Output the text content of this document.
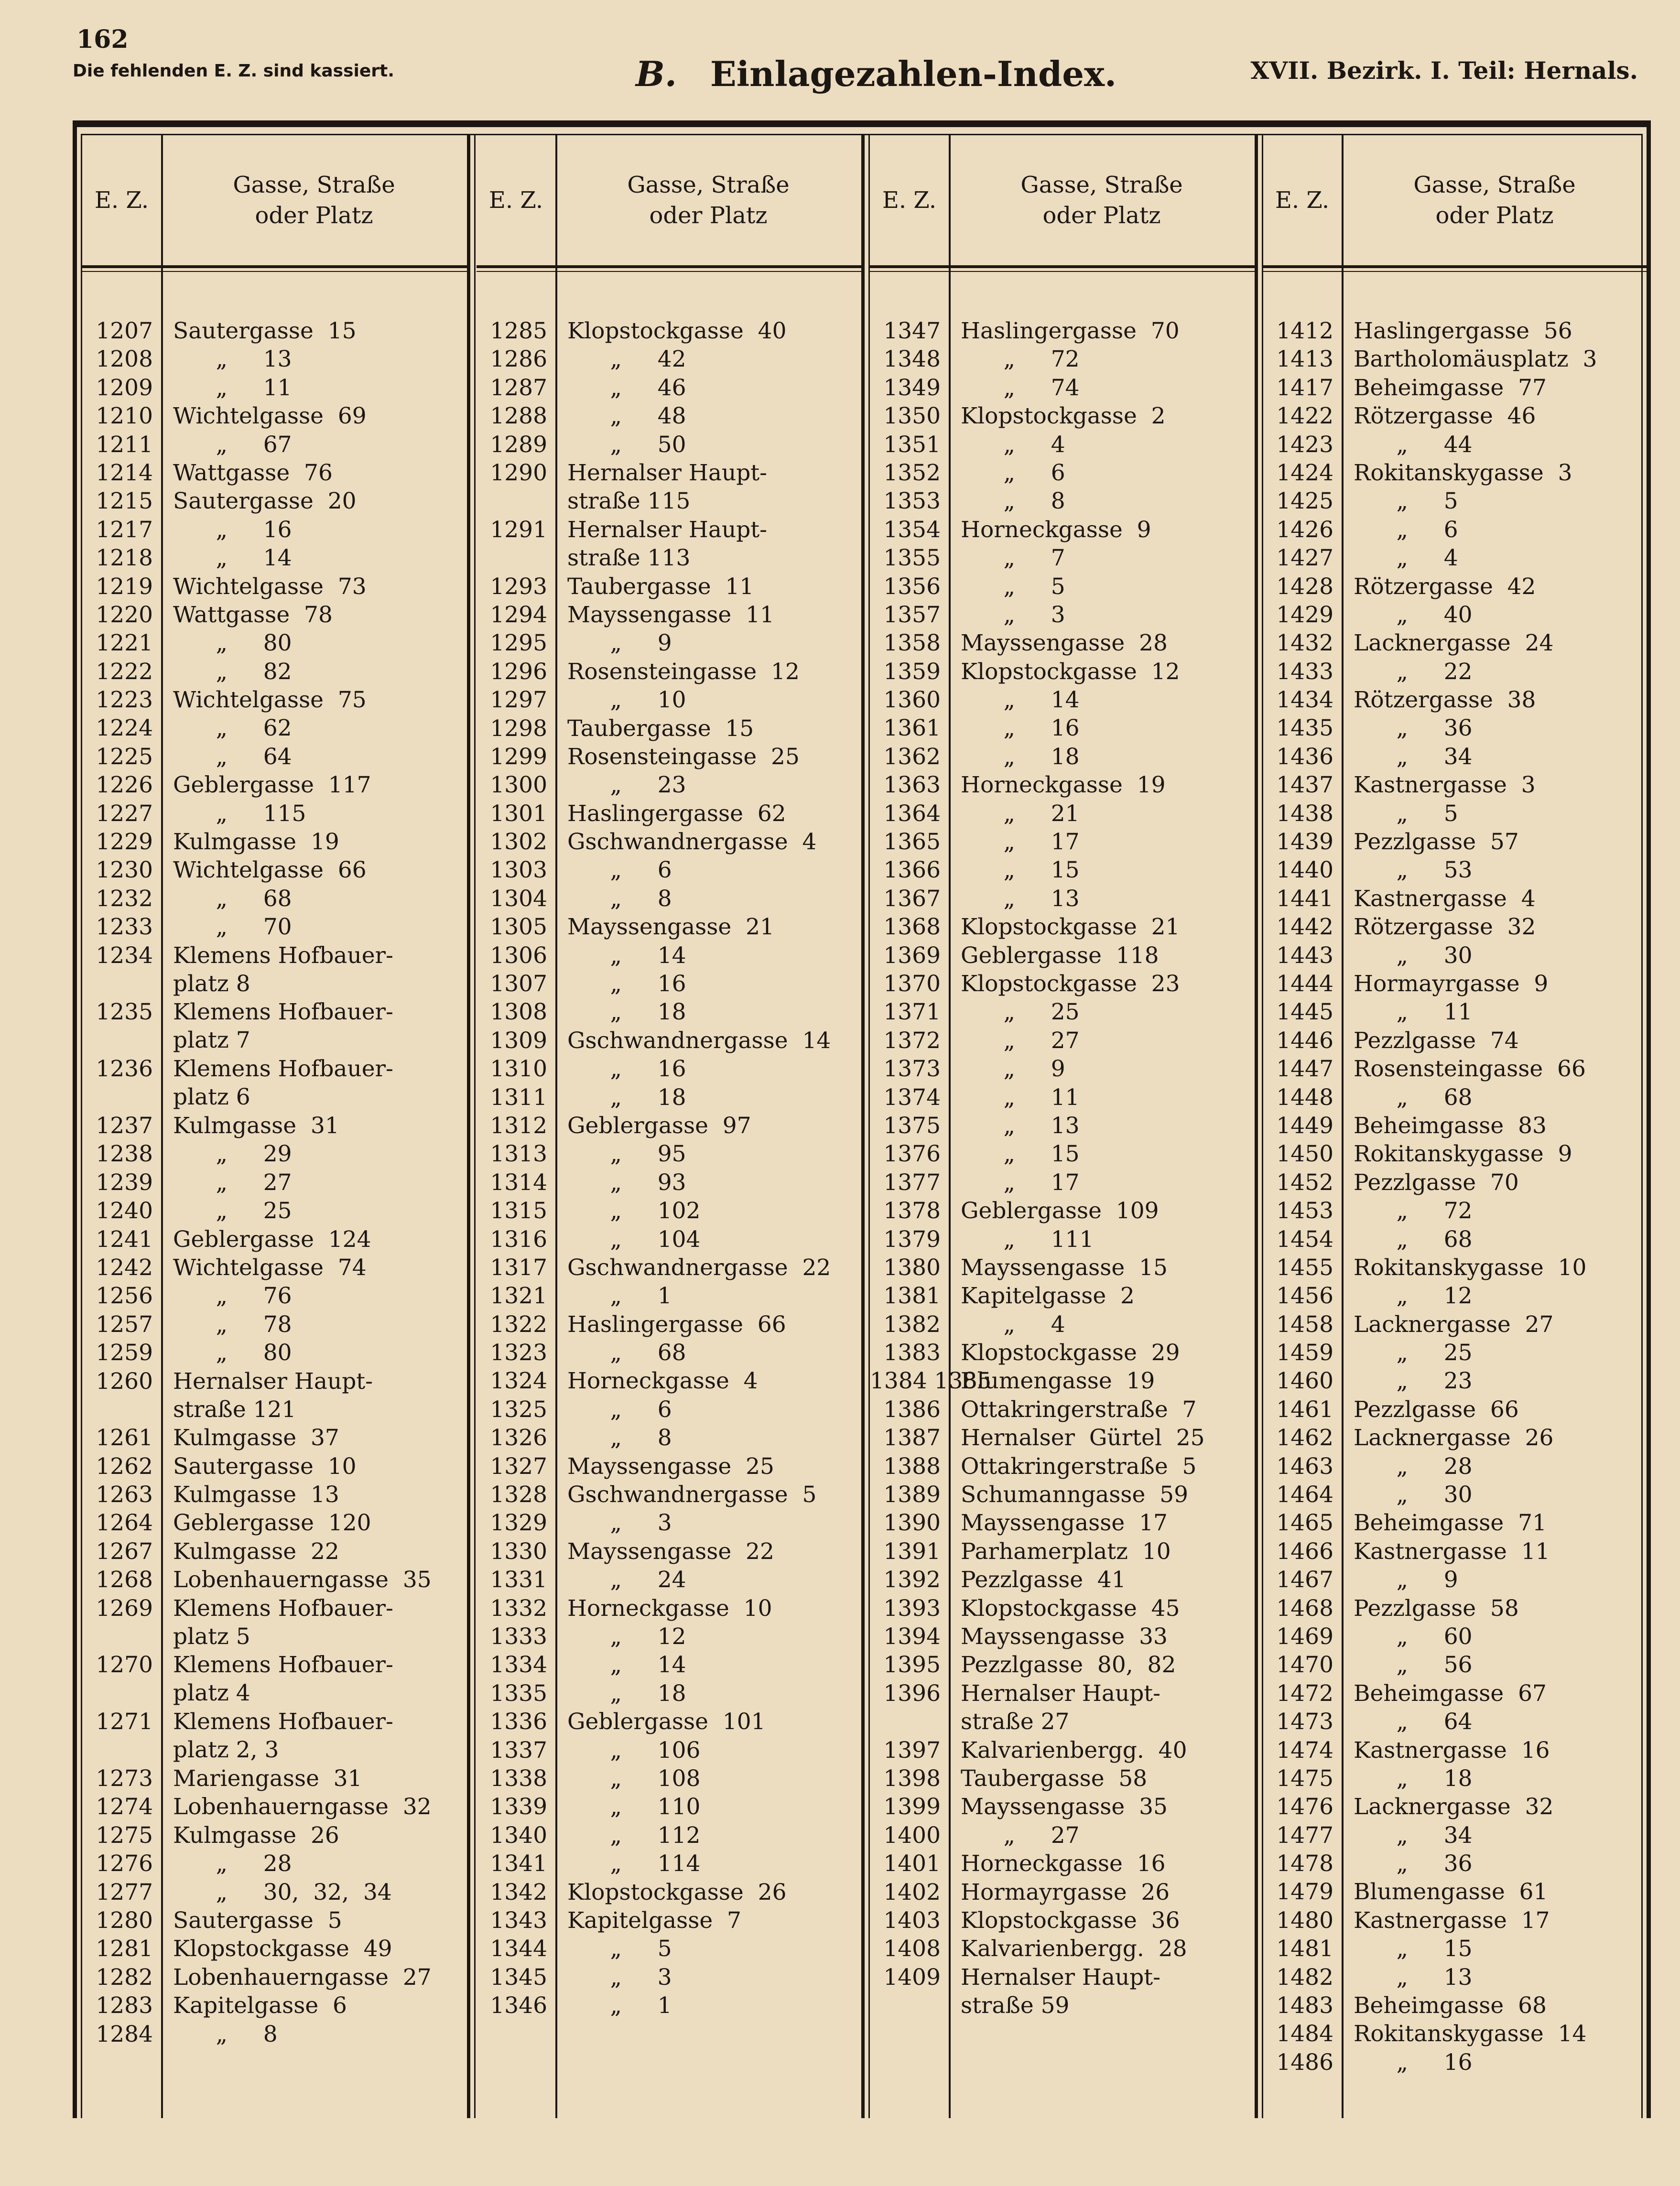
162
Die fehlenden E. Z. sind kassiert.	B. Einlagezahlen-Index.	XVII. Bezirk. I. Teil: Hernals.
E. Z.
Gasse, Straße
oder Platz
1207 Sautergasse  15
1208 „     13
1209 „     11
1210 Wichtelgasse  69
1211 „     67
1214 Wattgasse  76
1215 Sautergasse  20
1217 „     16
1218 „     14
1219 Wichtelgasse  73
1220 Wattgasse  78
1221 „     80
1222 „     82
1223 Wichtelgasse  75
1224 „     62
1225 „     64
1226 Geblergasse  117
1227 „     115
1229 Kulmgasse  19
1230 Wichtelgasse  66
1232 „     68
1233 „     70
1234 Klemens Hofbauer-
platz 8
1235 Klemens Hofbauer-
platz 7
1236 Klemens Hofbauer-
platz 6
1237 Kulmgasse  31
1238 „     29
1239 „     27
1240 „     25
1241 Geblergasse  124
1242 Wichtelgasse  74
1256 „     76
1257 „     78
1259 „     80
1260 Hernalser Haupt-
straße 121
1261 Kulmgasse  37
1262 Sautergasse  10
1263 Kulmgasse  13
1264 Geblergasse  120
1267 Kulmgasse  22
1268 Lobenhauerngasse  35
1269 Klemens Hofbauer-
platz 5
1270 Klemens Hofbauer-
platz 4
1271 Klemens Hofbauer-
platz 2, 3
1273 Mariengasse  31
1274 Lobenhauerngasse  32
1275 Kulmgasse  26
1276 „     28
1277 „     30,  32,  34
1280 Sautergasse  5
1281 Klopstockgasse  49
1282 Lobenhauerngasse  27
1283 Kapitelgasse  6
1284 „     8
E. Z.
Gasse, Straße
oder Platz
1285 Klopstockgasse  40
1286 „     42
1287 „     46
1288 „     48
1289 „     50
1290 Hernalser Haupt-
straße 115
1291 Hernalser Haupt-
straße 113
1293 Taubergasse  11
1294 Mayssengasse  11
1295 „     9
1296 Rosensteingasse  12
1297 „     10
1298 Taubergasse  15
1299 Rosensteingasse  25
1300 „     23
1301 Haslingergasse  62
1302 Gschwandnergasse  4
1303 „     6
1304 „     8
1305 Mayssengasse  21
1306 „     14
1307 „     16
1308 „     18
1309 Gschwandnergasse  14
1310 „     16
1311 „     18
1312 Geblergasse  97
1313 „     95
1314 „     93
1315 „     102
1316 „     104
1317 Gschwandnergasse  22
1321 „     1
1322 Haslingergasse  66
1323 „     68
1324 Horneckgasse  4
1325 „     6
1326 „     8
1327 Mayssengasse  25
1328 Gschwandnergasse  5
1329 „     3
1330 Mayssengasse  22
1331 „     24
1332 Horneckgasse  10
1333 „     12
1334 „     14
1335 „     18
1336 Geblergasse  101
1337 „     106
1338 „     108
1339 „     110
1340 „     112
1341 „     114
1342 Klopstockgasse  26
1343 Kapitelgasse  7
1344 „     5
1345 „     3
1346 „     1
E. Z.
Gasse, Straße
oder Platz
1347 Haslingergasse  70
1348 „     72
1349 „     74
1350 Klopstockgasse  2
1351 „     4
1352 „     6
1353 „     8
1354 Horneckgasse  9
1355 „     7
1356 „     5
1357 „     3
1358 Mayssengasse  28
1359 Klopstockgasse  12
1360 „     14
1361 „     16
1362 „     18
1363 Horneckgasse  19
1364 „     21
1365 „     17
1366 „     15
1367 „     13
1368 Klopstockgasse  21
1369 Geblergasse  118
1370 Klopstockgasse  23
1371 „     25
1372 „     27
1373 „     9
1374 „     11
1375 „     13
1376 „     15
1377 „     17
1378 Geblergasse  109
1379 „     111
1380 Mayssengasse  15
1381 Kapitelgasse  2
1382 „     4
1383 Klopstockgasse  29
1384 1385
Blumengasse  19
1386 Ottakringerstraße  7
1387 Hernalser  Gürtel  25
1388 Ottakringerstraße  5
1389 Schumanngasse  59
1390 Mayssengasse  17
1391 Parhamerplatz  10
1392 Pezzlgasse  41
1393 Klopstockgasse  45
1394 Mayssengasse  33
1395 Pezzlgasse  80,  82
1396 Hernalser Haupt-
straße 27
1397 Kalvarienbergg.  40
1398 Taubergasse  58
1399 Mayssengasse  35
1400 „     27
1401 Horneckgasse  16
1402 Hormayrgasse  26
1403 Klopstockgasse  36
1408 Kalvarienbergg.  28
1409 Hernalser Haupt-
straße 59
E. Z.
Gasse, Straße
oder Platz
1412 Haslingergasse  56
1413 Bartholomäusplatz  3
1417 Beheimgasse  77
1422 Rötzergasse  46
1423 „     44
1424 Rokitanskygasse  3
1425 „     5
1426 „     6
1427 „     4
1428 Rötzergasse  42
1429 „     40
1432 Lacknergasse  24
1433 „     22
1434 Rötzergasse  38
1435 „     36
1436 „     34
1437 Kastnergasse  3
1438 „     5
1439 Pezzlgasse  57
1440 „     53
1441 Kastnergasse  4
1442 Rötzergasse  32
1443 „     30
1444 Hormayrgasse  9
1445 „     11
1446 Pezzlgasse  74
1447 Rosensteingasse  66
1448 „     68
1449 Beheimgasse  83
1450 Rokitanskygasse  9
1452 Pezzlgasse  70
1453 „     72
1454 „     68
1455 Rokitanskygasse  10
1456 „     12
1458 Lacknergasse  27
1459 „     25
1460 „     23
1461 Pezzlgasse  66
1462 Lacknergasse  26
1463 „     28
1464 „     30
1465 Beheimgasse  71
1466 Kastnergasse  11
1467 „     9
1468 Pezzlgasse  58
1469 „     60
1470 „     56
1472 Beheimgasse  67
1473 „     64
1474 Kastnergasse  16
1475 „     18
1476 Lacknergasse  32
1477 „     34
1478 „     36
1479 Blumengasse  61
1480 Kastnergasse  17
1481 „     15
1482 „     13
1483 Beheimgasse  68
1484 Rokitanskygasse  14
1486 „     16
